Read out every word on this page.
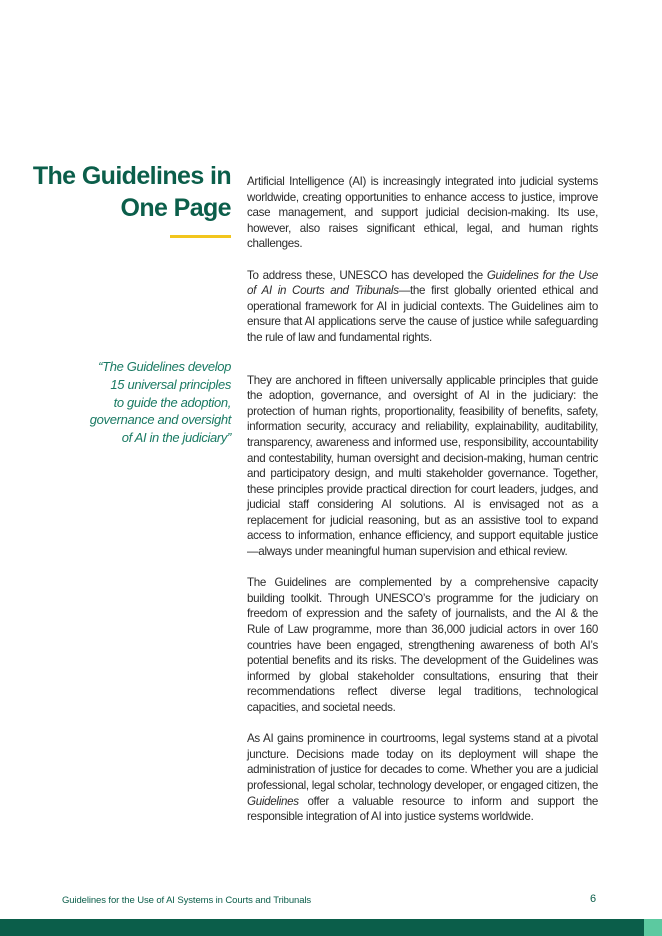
The Guidelines in
One Page
“The Guidelines develop
15 universal principles
to guide the adoption,
governance and oversight
of AI in the judiciary”

Artificial Intelligence (AI) is increasingly integrated into judicial systems worldwide, creating opportunities to enhance access to justice, improve case management, and support judicial decision-making. Its use, however, also raises significant ethical, legal, and human rights challenges.

To address these, UNESCO has developed the Guidelines for the Use of AI in Courts and Tribunals—the first globally oriented ethical and operational framework for AI in judicial contexts. The Guidelines aim to ensure that AI applications serve the cause of justice while safeguarding the rule of law and fundamental rights.

They are anchored in fifteen universally applicable principles that guide the adoption, governance, and oversight of AI in the judiciary: the protection of human rights, proportionality, feasibility of benefits, safety, information security, accuracy and reliability, explainability, auditability, transparency, awareness and informed use, responsibility, accountability and contestability, human oversight and decision-making, human centric and participatory design, and multi stakeholder governance. Together, these principles provide practical direction for court leaders, judges, and judicial staff considering AI solutions. AI is envisaged not as a replacement for judicial reasoning, but as an assistive tool to expand access to information, enhance efficiency, and support equitable justice—always under meaningful human supervision and ethical review.

The Guidelines are complemented by a comprehensive capacity building toolkit. Through UNESCO’s programme for the judiciary on freedom of expression and the safety of journalists, and the AI & the Rule of Law programme, more than 36,000 judicial actors in over 160 countries have been engaged, strengthening awareness of both AI’s potential benefits and its risks. The development of the Guidelines was informed by global stakeholder consultations, ensuring that their recommendations reflect diverse legal traditions, technological capacities, and societal needs.

As AI gains prominence in courtrooms, legal systems stand at a pivotal juncture. Decisions made today on its deployment will shape the administration of justice for decades to come. Whether you are a judicial professional, legal scholar, technology developer, or engaged citizen, the Guidelines offer a valuable resource to inform and support the responsible integration of AI into justice systems worldwide.

Guidelines for the Use of AI Systems in Courts and Tribunals	6
